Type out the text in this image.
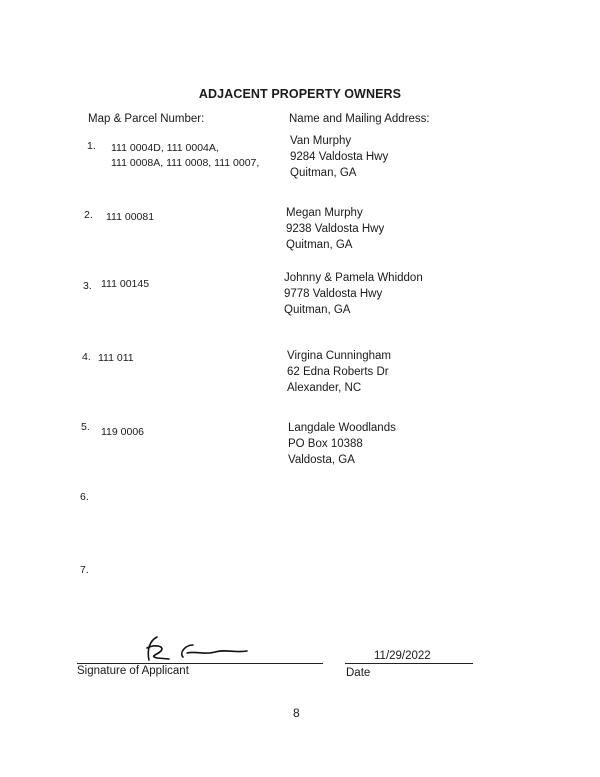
ADJACENT PROPERTY OWNERS
Map & Parcel Number:	Name and Mailing Address:
1. 111 0004D, 111 0004A,
111 0008A, 111 0008, 111 0007,
Van Murphy
9284 Valdosta Hwy
Quitman, GA
2. 111 00081	Megan Murphy
9238 Valdosta Hwy
Quitman, GA
3. 111 00145	Johnny & Pamela Whiddon
9778 Valdosta Hwy
Quitman, GA
4. 111 011	Virgina Cunningham
62 Edna Roberts Dr
Alexander, NC
5. 119 0006	Langdale Woodlands
PO Box 10388
Valdosta, GA
6.
7.
Signature of Applicant
11/29/2022
Date
8
